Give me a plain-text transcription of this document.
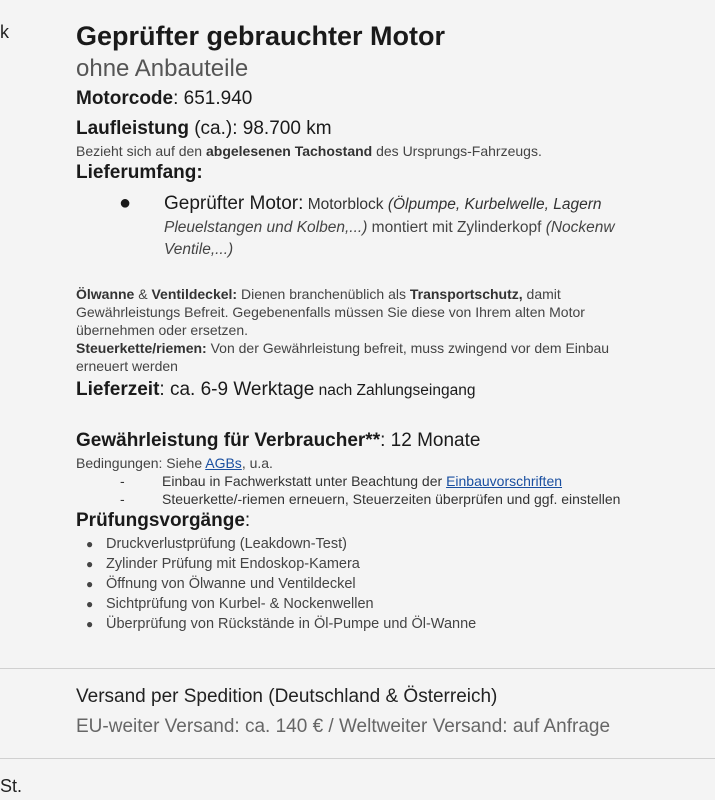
k Geprüfter gebrauchter Motor
ohne Anbauteile
Motorcode: 651.940
Laufleistung (ca.): 98.700 km
Bezieht sich auf den abgelesenen Tachostand des Ursprungs-Fahrzeugs.
Lieferumfang:
●	Geprüfter Motor: Motorblock (Ölpumpe, Kurbelwelle, Lagern
Pleuelstangen und Kolben,...) montiert mit Zylinderkopf (Nockenw
Ventile,...)
Ölwanne & Ventildeckel: Dienen branchenüblich als Transportschutz, damit
Gewährleistungs Befreit. Gegebenenfalls müssen Sie diese von Ihrem alten Motor
übernehmen oder ersetzen.
Steuerkette/riemen: Von der Gewährleistung befreit, muss zwingend vor dem Einbau
erneuert werden
Lieferzeit: ca. 6-9 Werktage nach Zahlungseingang
Gewährleistung für Verbraucher**: 12 Monate
Bedingungen: Siehe AGBs, u.a.
-	Einbau in Fachwerkstatt unter Beachtung der Einbauvorschriften
-	Steuerkette/-riemen erneuern, Steuerzeiten überprüfen und ggf. einstellen
Prüfungsvorgänge:
● Druckverlustprüfung (Leakdown-Test)
● Zylinder Prüfung mit Endoskop-Kamera
● Öffnung von Ölwanne und Ventildeckel
● Sichtprüfung von Kurbel- & Nockenwellen
● Überprüfung von Rückstände in Öl-Pumpe und Öl-Wanne
Versand per Spedition (Deutschland & Österreich)
EU-weiter Versand: ca. 140 € / Weltweiter Versand: auf Anfrage
St.
